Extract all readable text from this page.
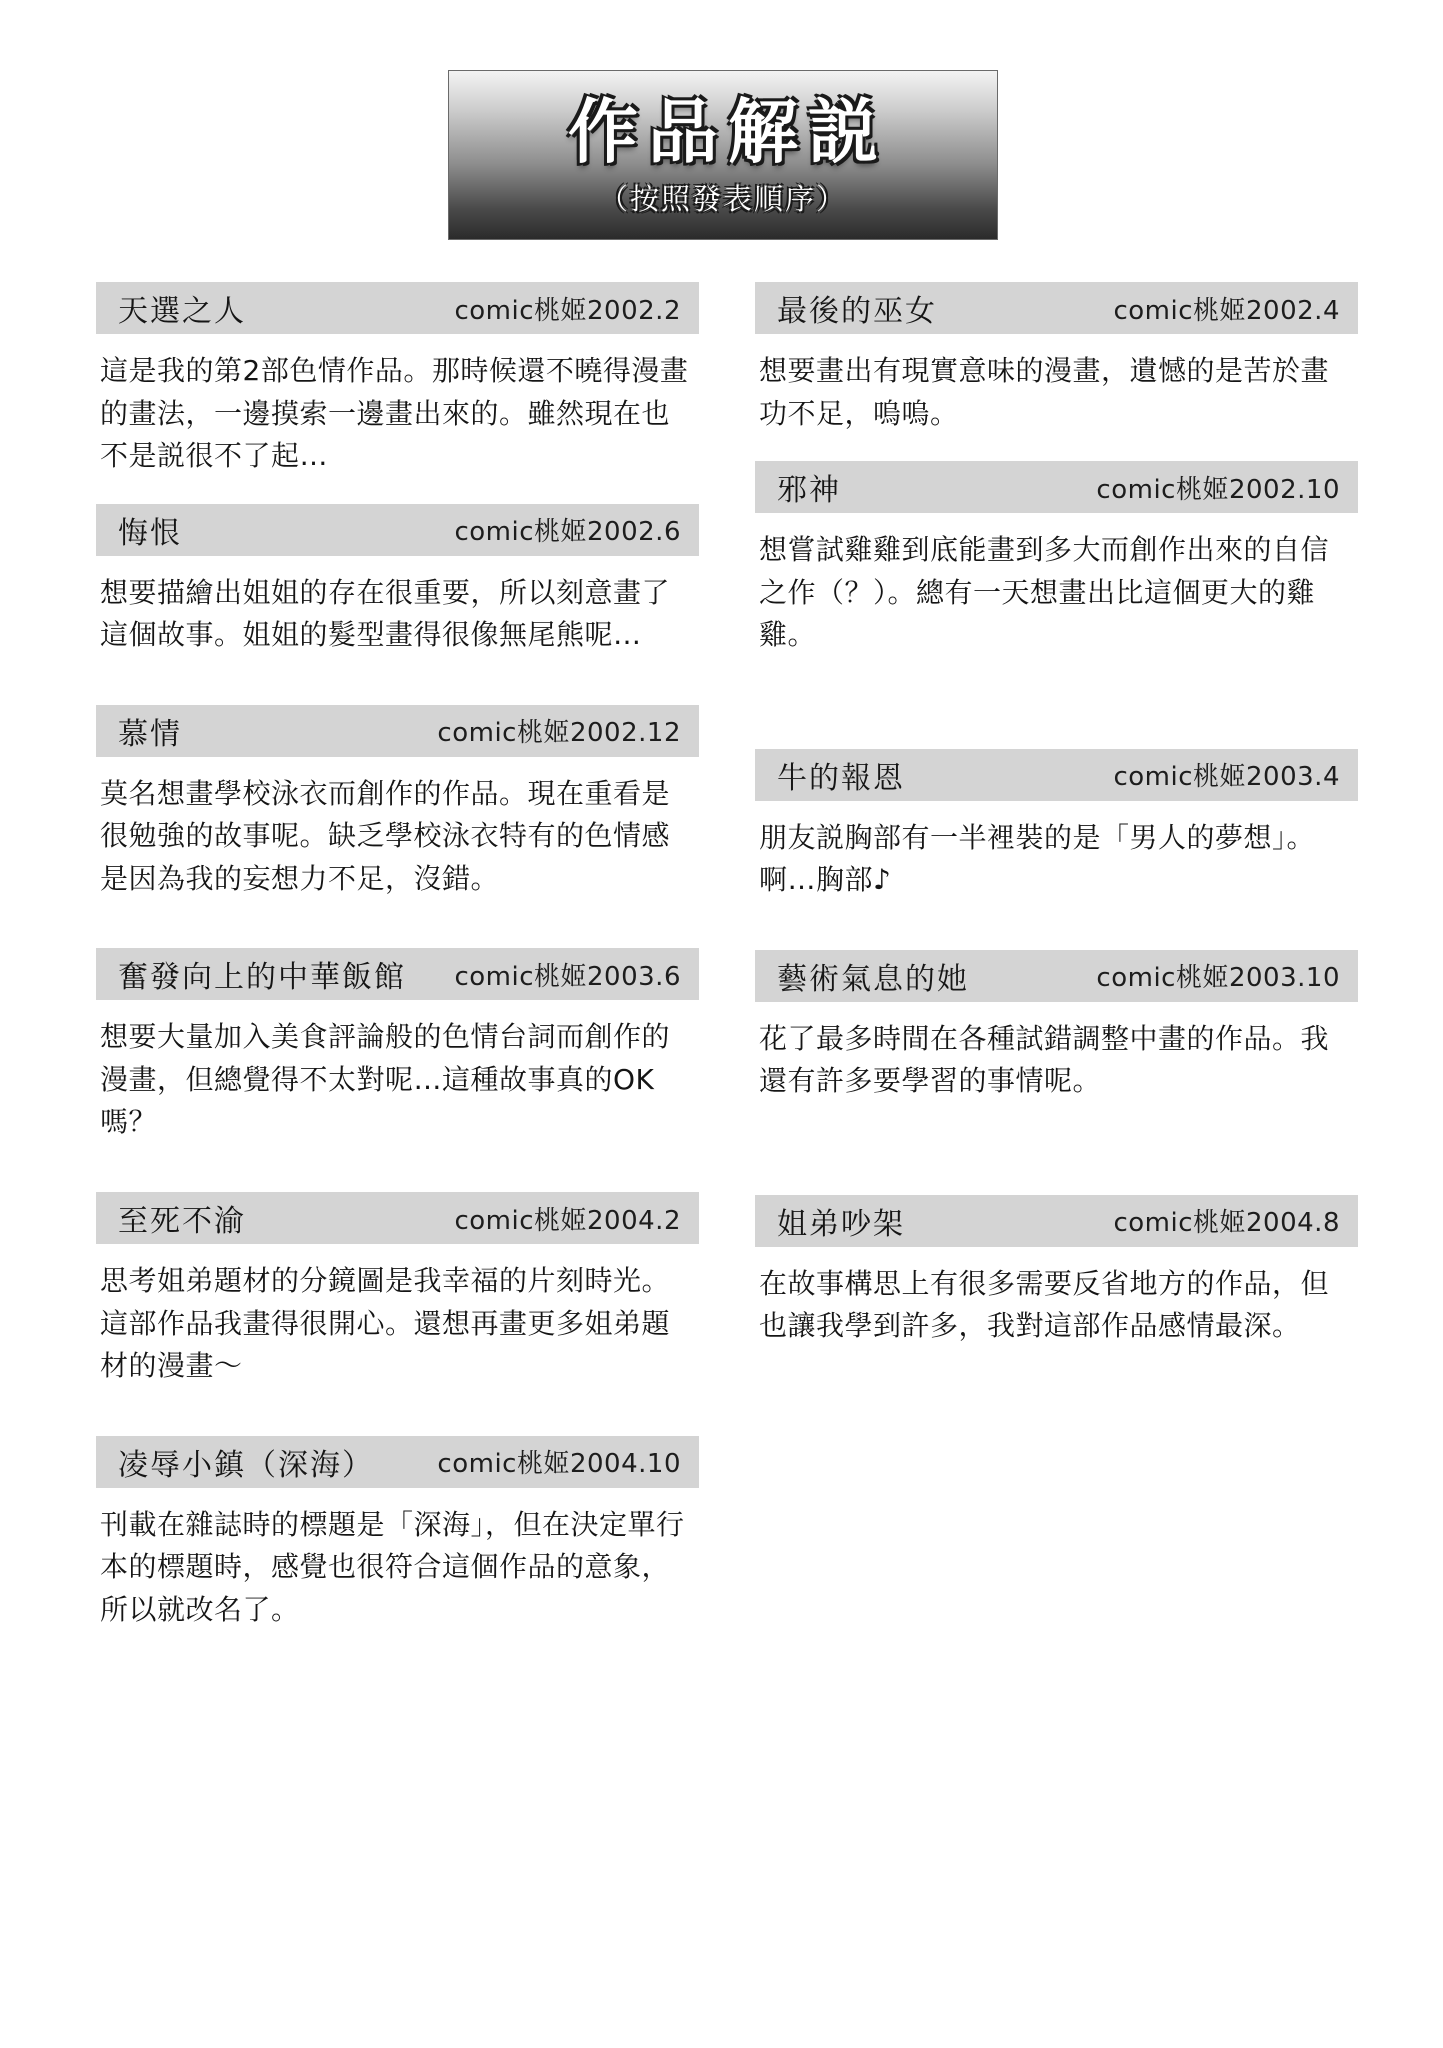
作品解説
（按照發表順序）
天選之人	comic桃姬2002.2
這是我的第2部色情作品。那時候還不曉得漫畫的畫法，一邊摸索一邊畫出來的。雖然現在也不是説很不了起…
悔恨	comic桃姬2002.6
想要描繪出姐姐的存在很重要，所以刻意畫了這個故事。姐姐的髮型畫得很像無尾熊呢…
慕情	comic桃姬2002.12
莫名想畫學校泳衣而創作的作品。現在重看是很勉強的故事呢。缺乏學校泳衣特有的色情感是因為我的妄想力不足，沒錯。
奮發向上的中華飯館 comic桃姬2003.6
想要大量加入美食評論般的色情台詞而創作的漫畫，但總覺得不太對呢…這種故事真的OK嗎？
至死不渝	comic桃姬2004.2
思考姐弟題材的分鏡圖是我幸福的片刻時光。這部作品我畫得很開心。還想再畫更多姐弟題材的漫畫～
凌辱小鎮（深海） comic桃姬2004.10
刊載在雜誌時的標題是「深海」，但在決定單行本的標題時，感覺也很符合這個作品的意象，所以就改名了。
最後的巫女	comic桃姬2002.4
想要畫出有現實意味的漫畫，遺憾的是苦於畫功不足，嗚嗚。
邪神	comic桃姬2002.10
想嘗試雞雞到底能畫到多大而創作出來的自信之作（？）。總有一天想畫出比這個更大的雞雞。
牛的報恩	comic桃姬2003.4
朋友説胸部有一半裡裝的是「男人的夢想」。啊…胸部♪
藝術氣息的她	comic桃姬2003.10
花了最多時間在各種試錯調整中畫的作品。我還有許多要學習的事情呢。
姐弟吵架	comic桃姬2004.8
在故事構思上有很多需要反省地方的作品，但也讓我學到許多，我對這部作品感情最深。
